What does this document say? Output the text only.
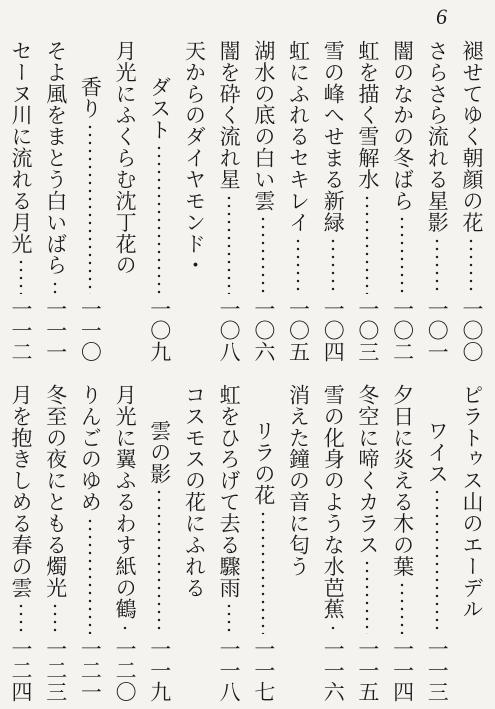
6
褪せてゆく朝顔の花
一〇〇
さらさら流れる星影
一〇一
闇のなかの冬ばら
一〇二
虹を描く雪解水
一〇三
雪の峰へせまる新緑
一〇四
虹にふれるセキレイ
一〇五
湖水の底の白い雲
一〇六
闇を砕く流れ星
一〇八
天からのダイヤモンド・
ダスト
一〇九
月光にふくらむ沈丁花の
香り
一一〇
そよ風をまとう白いばら
一一一
セーヌ川に流れる月光
一一二
ピラトゥス山のエーデル
ワイス
一一三
夕日に炎える木の葉
一一四
冬空に啼くカラス
一一五
雪の化身のような水芭蕉
一一六
消えた鐘の音に匂う
リラの花
一一七
虹をひろげて去る驟雨
一一八
コスモスの花にふれる
雲の影
一一九
月光に翼ふるわす紙の鶴
一二〇
りんごのゆめ
一二一
冬至の夜にともる燭光
一二三
月を抱きしめる春の雲
一二四
